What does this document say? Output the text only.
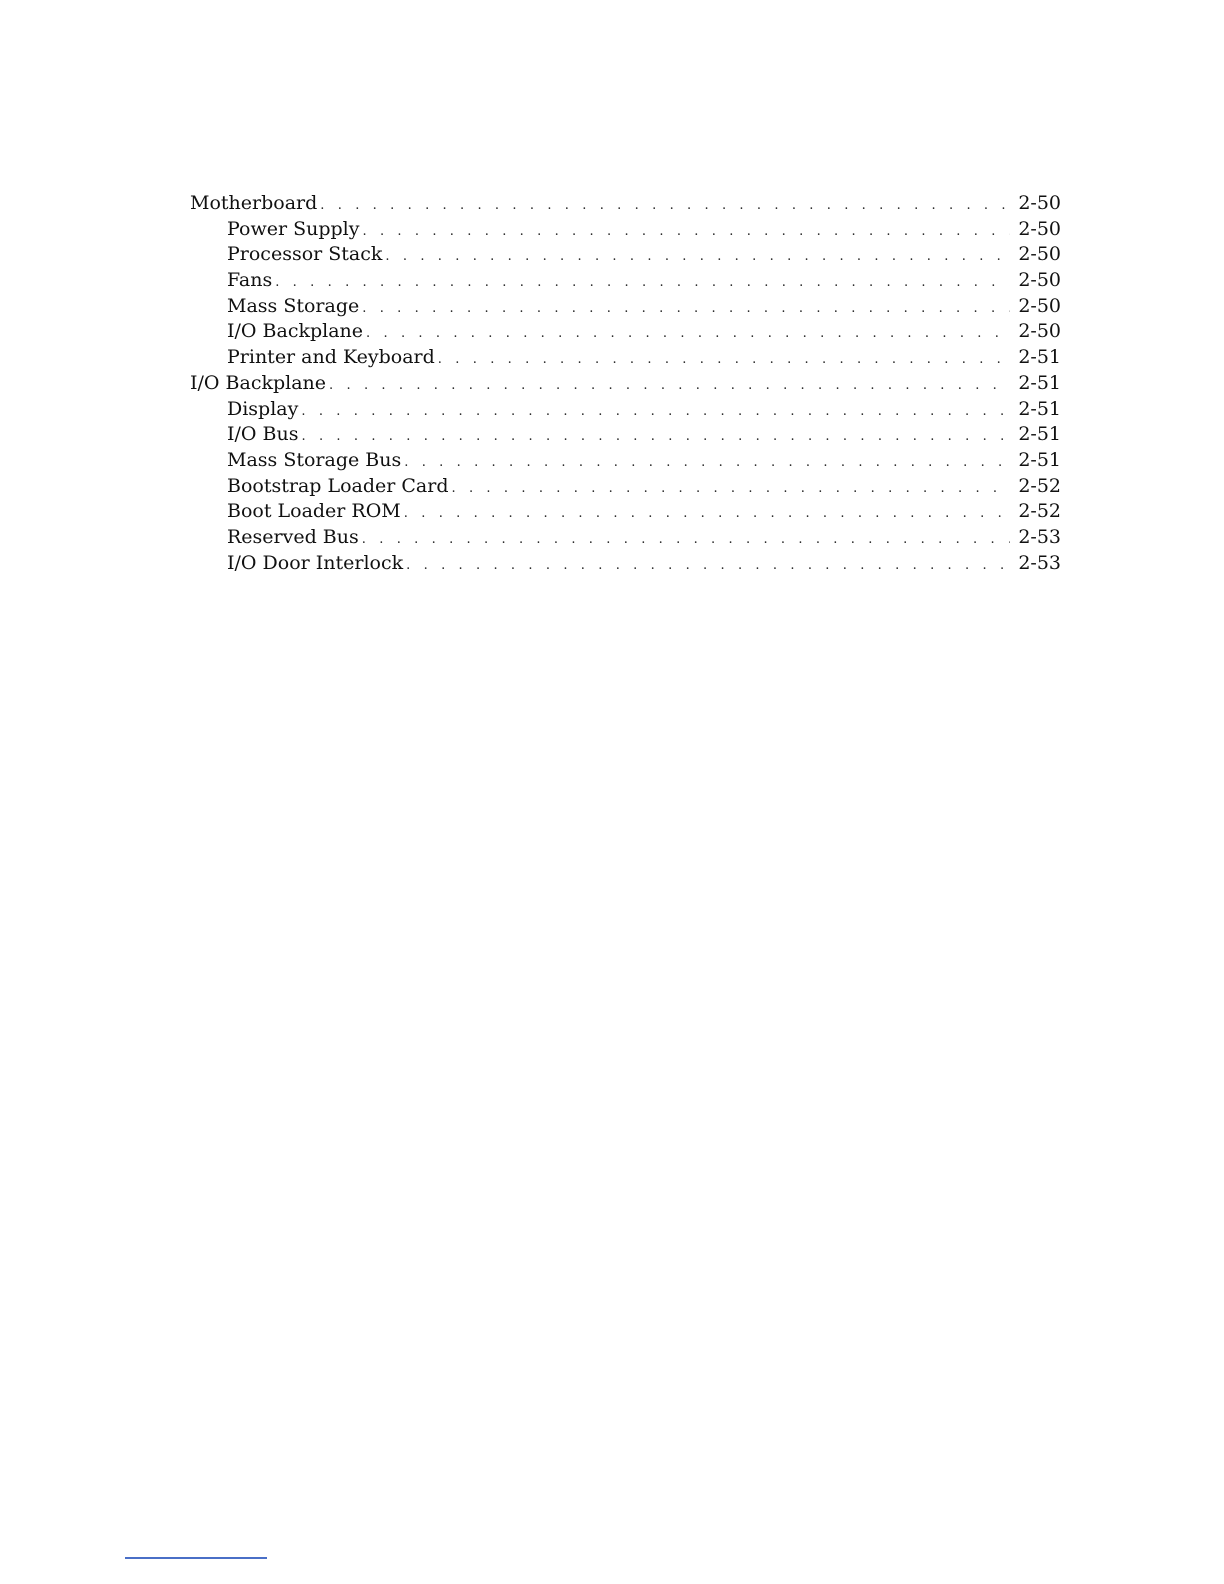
Motherboard . . .	2-50
Power Supply . . .	2-50
Processor Stack . . .	2-50
Fans . . .	2-50
Mass Storage . . .	2-50
I/O Backplane . . .	2-50
Printer and Keyboard . . .	2-51
I/O Backplane . . .	2-51
Display . . .	2-51
I/O Bus . . .	2-51
Mass Storage Bus . . .	2-51
Bootstrap Loader Card . . .	2-52
Boot Loader ROM . . .	2-52
Reserved Bus . . .	2-53
I/O Door Interlock . . .	2-53
